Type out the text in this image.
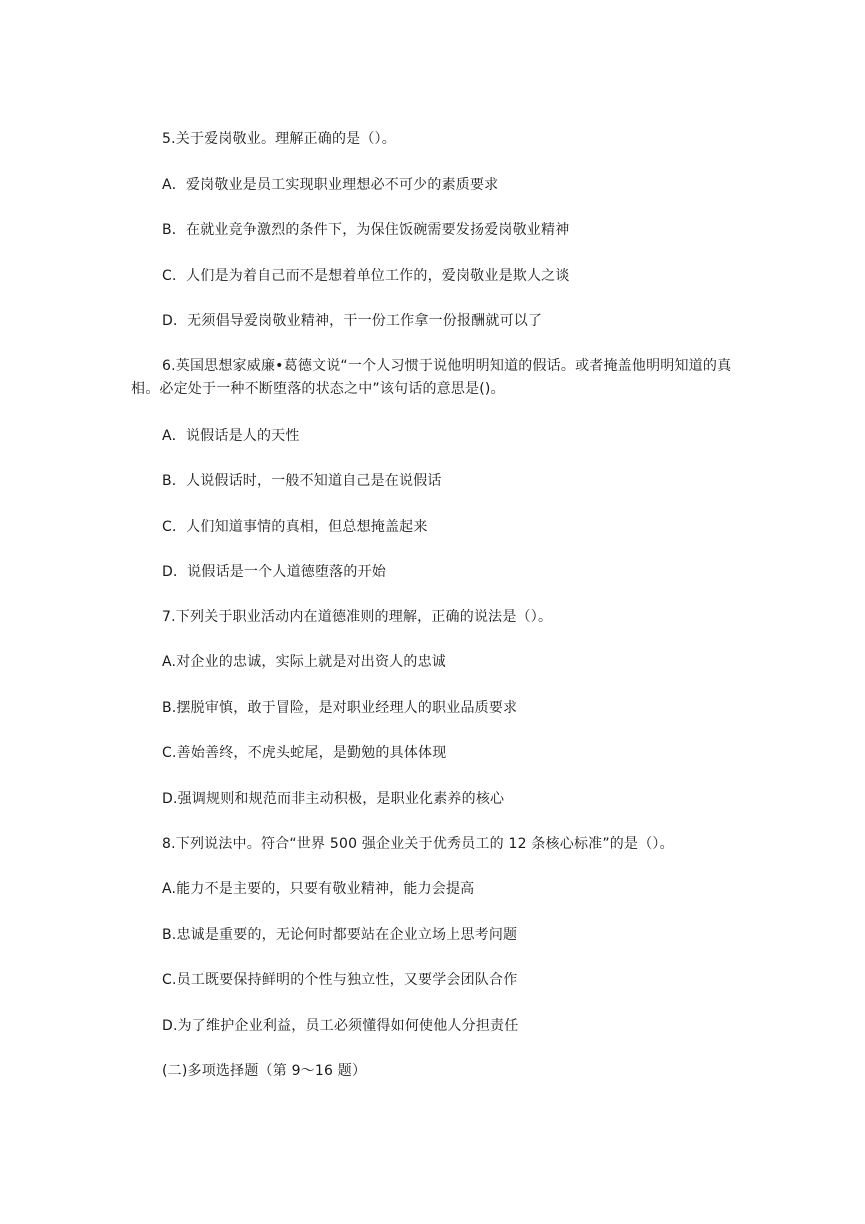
5.关于爱岗敬业。理解正确的是（）。
A．爱岗敬业是员工实现职业理想必不可少的素质要求
B．在就业竞争激烈的条件下，为保住饭碗需要发扬爱岗敬业精神
C．人们是为着自己而不是想着单位工作的，爱岗敬业是欺人之谈
D．无须倡导爱岗敬业精神，干一份工作拿一份报酬就可以了
6.英国思想家威廉•葛德文说“一个人习惯于说他明明知道的假话。或者掩盖他明明知道的真相。必定处于一种不断堕落的状态之中”该句话的意思是()。
A．说假话是人的天性
B．人说假话时，一般不知道自己是在说假话
C．人们知道事情的真相，但总想掩盖起来
D．说假话是一个人道德堕落的开始
7.下列关于职业活动内在道德准则的理解，正确的说法是（）。
A.对企业的忠诚，实际上就是对出资人的忠诚
B.摆脱审慎，敢于冒险，是对职业经理人的职业品质要求
C.善始善终，不虎头蛇尾，是勤勉的具体体现
D.强调规则和规范而非主动积极，是职业化素养的核心
8.下列说法中。符合“世界 500 强企业关于优秀员工的 12 条核心标准”的是（）。
A.能力不是主要的，只要有敬业精神，能力会提高
B.忠诚是重要的，无论何时都要站在企业立场上思考问题
C.员工既要保持鲜明的个性与独立性，又要学会团队合作
D.为了维护企业利益，员工必须懂得如何使他人分担责任
(二)多项选择题（第 9～16 题）
